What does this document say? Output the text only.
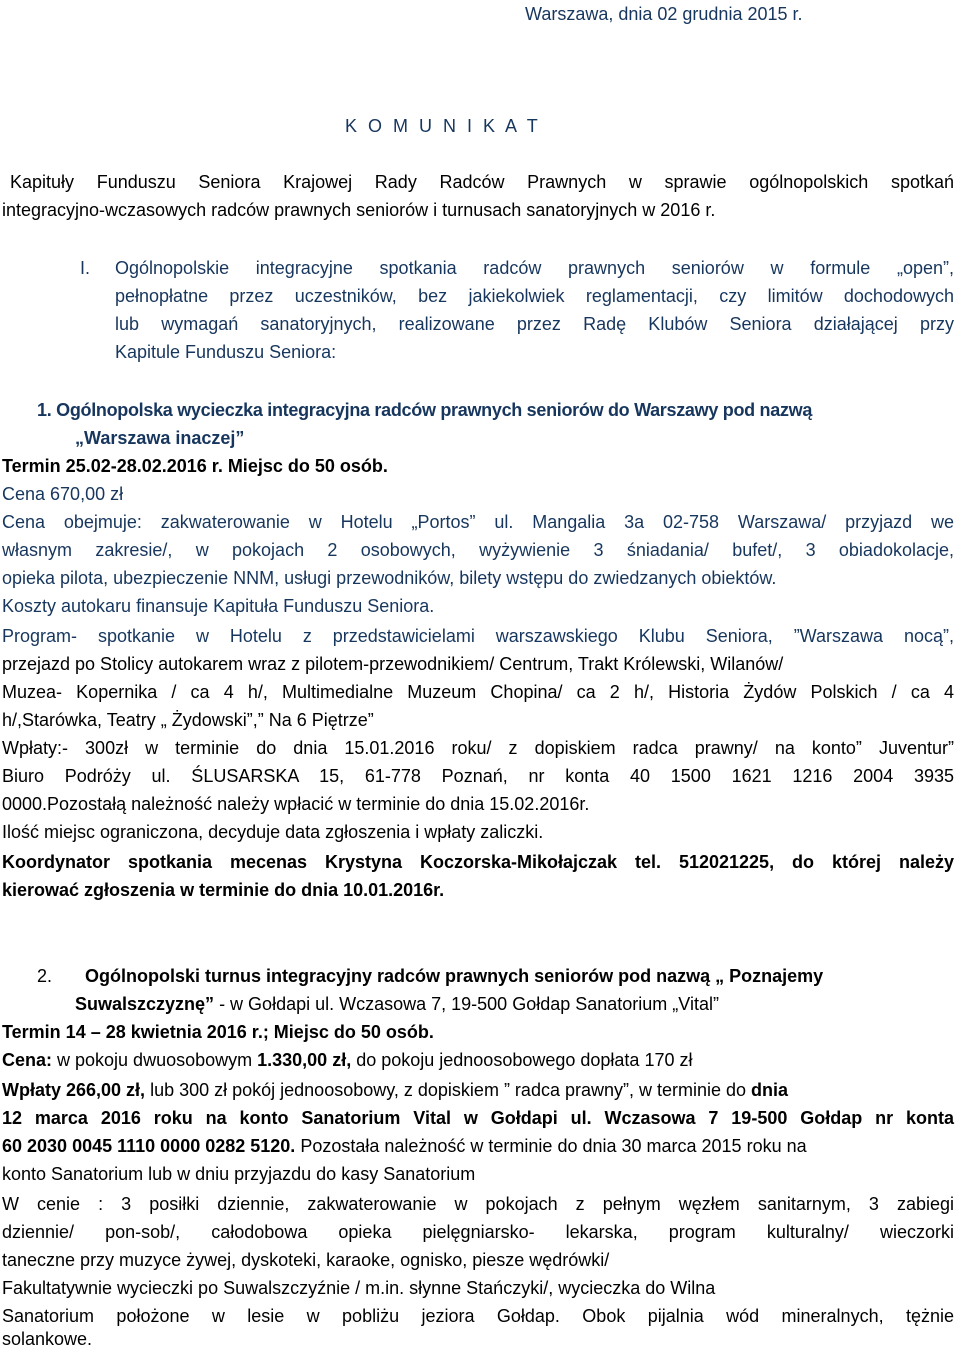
Warszawa, dnia 02 grudnia 2015 r.
K O M U N I K A T
Kapituły Funduszu Seniora Krajowej Rady Radców Prawnych w sprawie ogólnopolskich spotkań
integracyjno-wczasowych radców prawnych seniorów i turnusach sanatoryjnych w 2016 r.
I. Ogólnopolskie integracyjne spotkania radców prawnych seniorów w formule „open”,
pełnopłatne przez uczestników, bez jakiekolwiek reglamentacji, czy limitów dochodowych
lub wymagań sanatoryjnych, realizowane przez Radę Klubów Seniora działającej przy
Kapitule Funduszu Seniora:
1. Ogólnopolska wycieczka integracyjna radców prawnych seniorów do Warszawy pod nazwą
„Warszawa inaczej”
Termin 25.02-28.02.2016 r. Miejsc do 50 osób.
Cena 670,00 zł
Cena obejmuje: zakwaterowanie w Hotelu „Portos” ul. Mangalia 3a 02-758 Warszawa/ przyjazd we
własnym zakresie/, w pokojach 2 osobowych, wyżywienie 3 śniadania/ bufet/, 3 obiadokolacje,
opieka pilota, ubezpieczenie NNM, usługi przewodników, bilety wstępu do zwiedzanych obiektów.
Koszty autokaru finansuje Kapituła Funduszu Seniora.
Program- spotkanie w Hotelu z przedstawicielami warszawskiego Klubu Seniora, ”Warszawa nocą”,
przejazd po Stolicy autokarem wraz z pilotem-przewodnikiem/ Centrum, Trakt Królewski, Wilanów/
Muzea- Kopernika / ca 4 h/, Multimedialne Muzeum Chopina/ ca 2 h/, Historia Żydów Polskich / ca 4
h/,Starówka, Teatry „ Żydowski”,” Na 6 Piętrze”
Wpłaty:- 300zł w terminie do dnia 15.01.2016 roku/ z dopiskiem radca prawny/ na konto” Juventur”
Biuro Podróży ul. ŚLUSARSKA 15, 61-778 Poznań, nr konta 40 1500 1621 1216 2004 3935
0000.Pozostałą należność należy wpłacić w terminie do dnia 15.02.2016r.
Ilość miejsc ograniczona, decyduje data zgłoszenia i wpłaty zaliczki.
Koordynator spotkania mecenas Krystyna Koczorska-Mikołajczak tel. 512021225, do której należy
kierować zgłoszenia w terminie do dnia 10.01.2016r.
2. Ogólnopolski turnus integracyjny radców prawnych seniorów pod nazwą „ Poznajemy
Suwalszczyznę” - w Gołdapi ul. Wczasowa 7, 19-500 Gołdap Sanatorium „Vital”
Termin 14 – 28 kwietnia 2016 r.; Miejsc do 50 osób.
Cena: w pokoju dwuosobowym 1.330,00 zł, do pokoju jednoosobowego dopłata 170 zł
Wpłaty 266,00 zł, lub 300 zł pokój jednoosobowy, z dopiskiem ” radca prawny”, w terminie do dnia
12 marca 2016 roku na konto Sanatorium Vital w Gołdapi ul. Wczasowa 7 19-500 Gołdap nr konta
60 2030 0045 1110 0000 0282 5120. Pozostała należność w terminie do dnia 30 marca 2015 roku na
konto Sanatorium lub w dniu przyjazdu do kasy Sanatorium
W cenie : 3 posiłki dziennie, zakwaterowanie w pokojach z pełnym węzłem sanitarnym, 3 zabiegi
dziennie/ pon-sob/, całodobowa opieka pielęgniarsko- lekarska, program kulturalny/ wieczorki
taneczne przy muzyce żywej, dyskoteki, karaoke, ognisko, piesze wędrówki/
Fakultatywnie wycieczki po Suwalszczyźnie / m.in. słynne Stańczyki/, wycieczka do Wilna
Sanatorium położone w lesie w pobliżu jeziora Gołdap. Obok pijalnia wód mineralnych, tężnie
solankowe.
